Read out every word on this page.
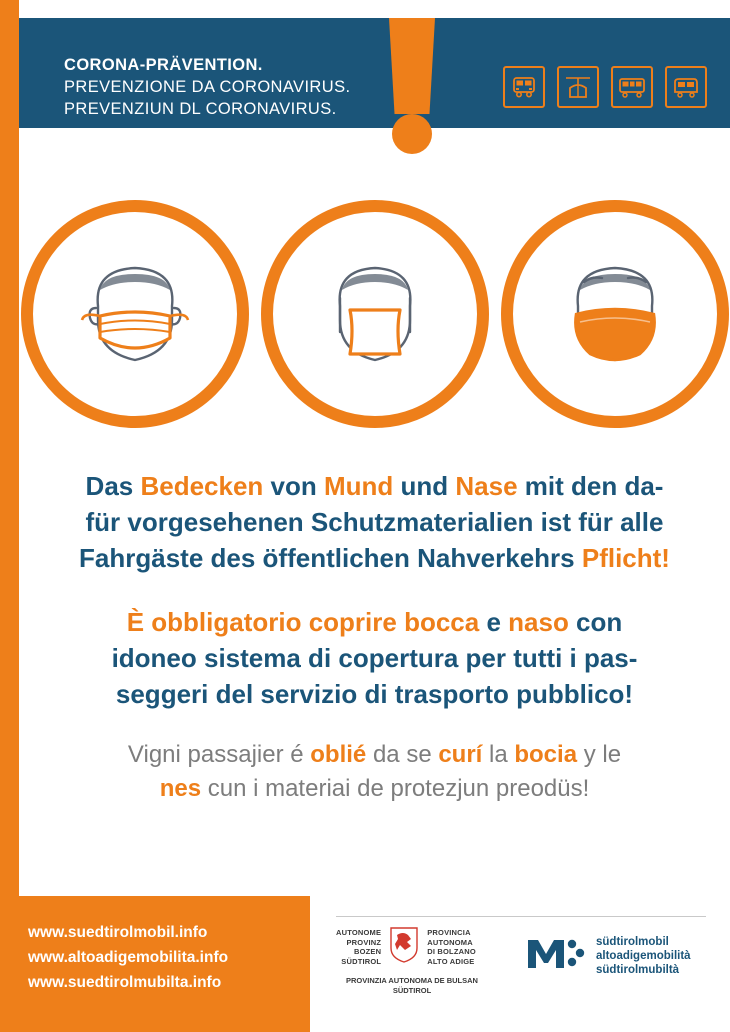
CORONA-PRÄVENTION.
PREVENZIONE DA CORONAVIRUS.
PREVENZIUN DL CORONAVIRUS.
Das Bedecken von Mund und Nase mit den da-
für vorgesehenen Schutzmaterialien ist für alle
Fahrgäste des öffentlichen Nahverkehrs Pflicht!
È obbligatorio coprire bocca e naso con
idoneo sistema di copertura per tutti i pas-
seggeri del servizio di trasporto pubblico!
Vigni passajier é oblié da se curí la bocia y le
nes cun i materiai de protezjun preodüs!
www.suedtirolmobil.info
www.altoadigemobilita.info
www.suedtirolmubilta.info
AUTONOME
PROVINZ
BOZEN
SÜDTIROL
PROVINCIA
AUTONOMA
DI BOLZANO
ALTO ADIGE
PROVINZIA AUTONOMA DE BULSAN
SÜDTIROL
südtirolmobil
altoadigemobilità
südtirolmubiltà
